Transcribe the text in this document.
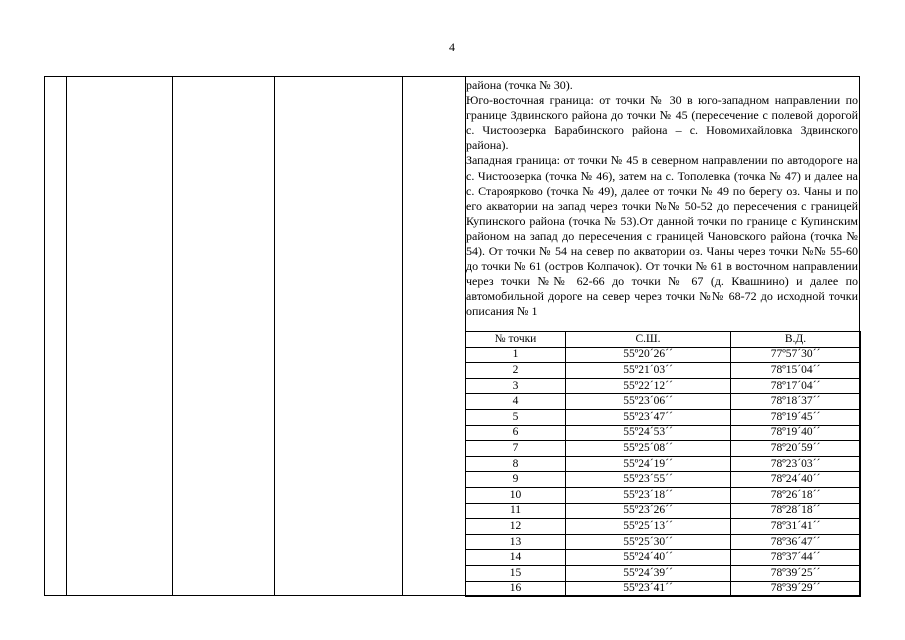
4

района (точка № 30).

Юго-восточная граница: от точки № 30 в юго-западном направлении по границе Здвинского района до точки № 45 (пересечение с полевой дорогой с. Чистоозерка Барабинского района – с. Новомихайловка Здвинского района).

Западная граница: от точки № 45 в северном направлении по автодороге на с. Чистоозерка (точка № 46), затем на с. Тополевка (точка № 47) и далее на с. Староярково (точка № 49), далее от точки № 49 по берегу оз. Чаны и по его акватории на запад через точки №№ 50-52 до пересечения с границей Купинского района (точка № 53).От данной точки по границе с Купинским районом на запад до пересечения с границей Чановского района (точка № 54). От точки № 54 на север по акватории оз. Чаны через точки №№ 55-60 до точки № 61 (остров Колпачок). От точки № 61 в восточном направлении через точки №№ 62-66 до точки № 67 (д. Квашнино) и далее по автомобильной дороге на север через точки №№ 68-72 до исходной точки описания № 1

№ точки	С.Ш.	В.Д.
1	55º20´26´´	77º57´30´´
2	55º21´03´´	78º15´04´´
3	55º22´12´´	78º17´04´´
4	55º23´06´´	78º18´37´´
5	55º23´47´´	78º19´45´´
6	55º24´53´´	78º19´40´´
7	55º25´08´´	78º20´59´´
8	55º24´19´´	78º23´03´´
9	55º23´55´´	78º24´40´´
10	55º23´18´´	78º26´18´´
11	55º23´26´´	78º28´18´´
12	55º25´13´´	78º31´41´´
13	55º25´30´´	78º36´47´´
14	55º24´40´´	78º37´44´´
15	55º24´39´´	78º39´25´´
16	55º23´41´´	78º39´29´´
